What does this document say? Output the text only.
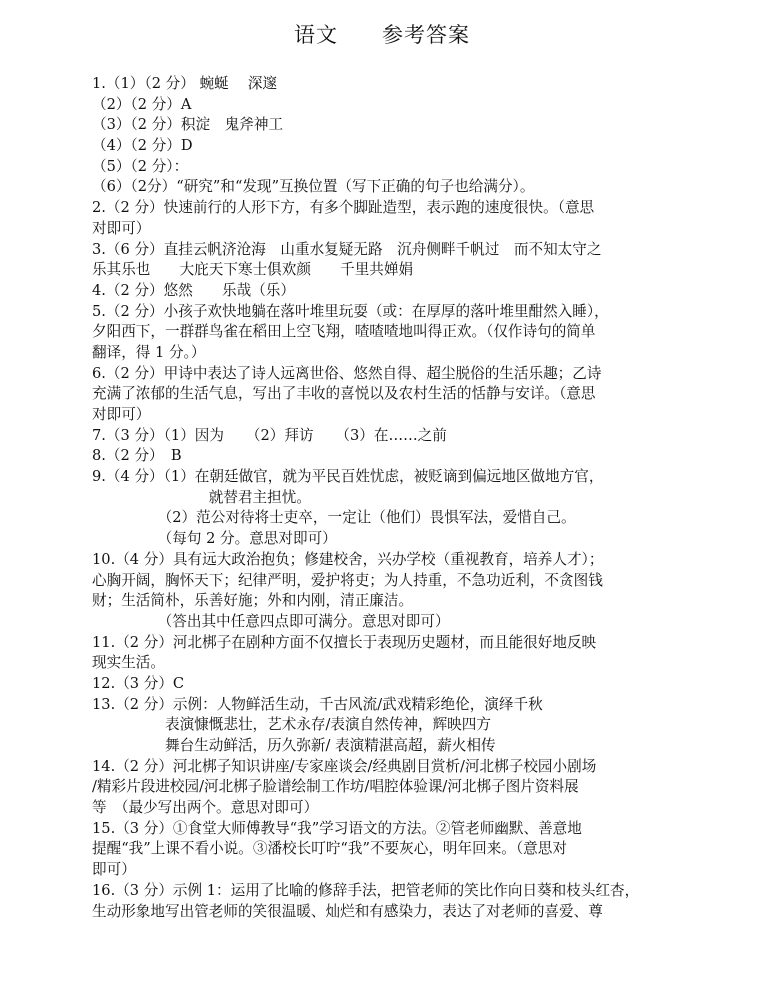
语文　　参考答案
1.（1）（2 分） 蜿蜒　 深邃
（2）（2 分）A
（3）（2 分）积淀　鬼斧神工
（4）（2 分）D
（5）（2 分）：
（6）（2分）“研究”和“发现”互换位置（写下正确的句子也给满分）。
2.（2 分）快速前行的人形下方，有多个脚趾造型，表示跑的速度很快。（意思
对即可）
3.（6 分）直挂云帆济沧海　山重水复疑无路　沉舟侧畔千帆过　而不知太守之
乐其乐也　　大庇天下寒士俱欢颜　　千里共婵娟
4.（2 分）悠然　　乐哉（乐）
5.（2 分）小孩子欢快地躺在落叶堆里玩耍（或：在厚厚的落叶堆里酣然入睡），
夕阳西下，一群群鸟雀在稻田上空飞翔，喳喳喳地叫得正欢。（仅作诗句的简单
翻译，得 1 分。）
6.（2 分）甲诗中表达了诗人远离世俗、悠然自得、超尘脱俗的生活乐趣；乙诗
充满了浓郁的生活气息，写出了丰收的喜悦以及农村生活的恬静与安详。（意思
对即可）
7.（3 分）（1）因为　　（2）拜访　　（3）在……之前
8.（2 分）　B
9.（4 分）（1）在朝廷做官，就为平民百姓忧虑，被贬谪到偏远地区做地方官，
　　　　　　　　就替君主担忧。
　　　　　（2）范公对待将士吏卒，一定让（他们）畏惧军法，爱惜自己。
　　　　　（每句 2 分。意思对即可）
10.（4 分）具有远大政治抱负；修建校舍，兴办学校（重视教育，培养人才）；
心胸开阔，胸怀天下；纪律严明，爱护将吏；为人持重，不急功近利，不贪图钱
财；生活简朴，乐善好施；外和内刚，清正廉洁。
　　　　　（答出其中任意四点即可满分。意思对即可）
11.（2 分）河北梆子在剧种方面不仅擅长于表现历史题材，而且能很好地反映
现实生活。
12.（3 分）C
13.（2 分）示例：人物鲜活生动，千古风流/武戏精彩绝伦，演绎千秋
　　　　　表演慷慨悲壮，艺术永存/表演自然传神，辉映四方
　　　　　舞台生动鲜活，历久弥新/ 表演精湛高超，薪火相传
14.（2 分）河北梆子知识讲座/专家座谈会/经典剧目赏析/河北梆子校园小剧场
/精彩片段进校园/河北梆子脸谱绘制工作坊/唱腔体验课/河北梆子图片资料展
等　（最少写出两个。意思对即可）
15.（3 分）①食堂大师傅教导“我”学习语文的方法。②管老师幽默、善意地
提醒“我”上课不看小说。③潘校长叮咛“我”不要灰心，明年回来。（意思对
即可）
16.（3 分）示例 1：运用了比喻的修辞手法，把管老师的笑比作向日葵和枝头红杏，
生动形象地写出管老师的笑很温暖、灿烂和有感染力，表达了对老师的喜爱、尊
